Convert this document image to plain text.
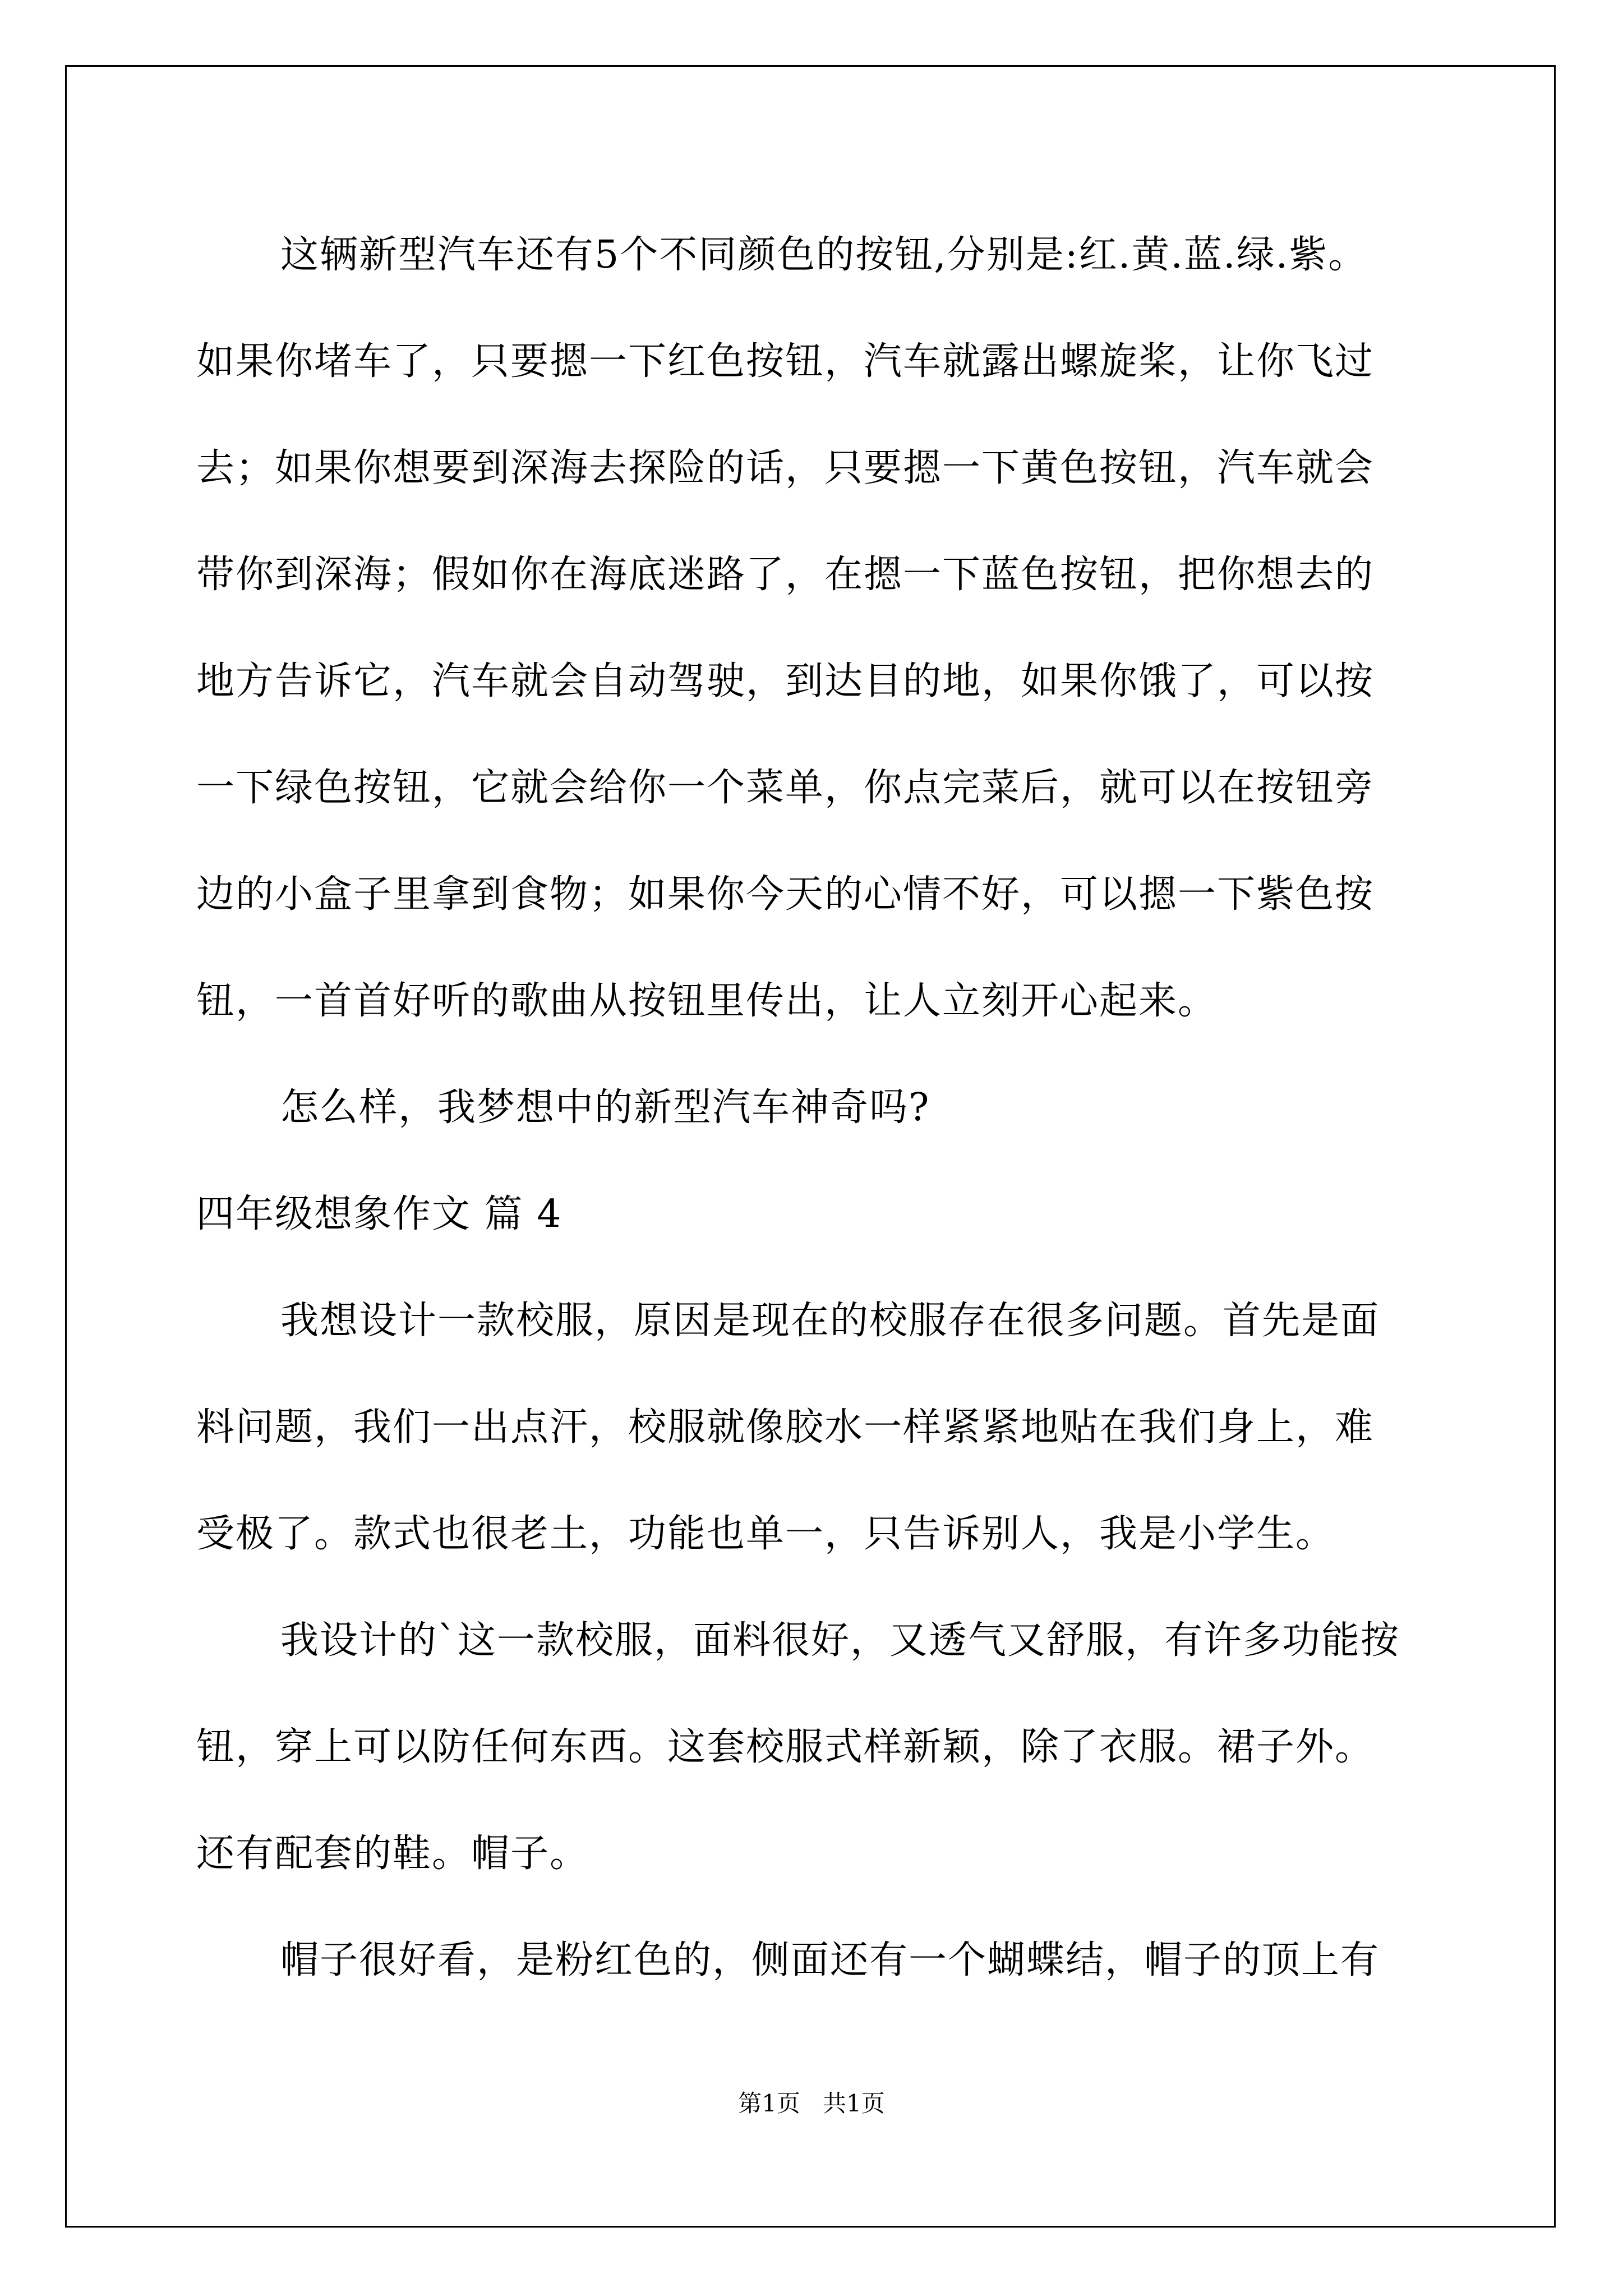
这辆新型汽车还有5个不同颜色的按钮,分别是:红.黄.蓝.绿.紫。
如果你堵车了，只要摁一下红色按钮，汽车就露出螺旋桨，让你飞过
去；如果你想要到深海去探险的话，只要摁一下黄色按钮，汽车就会
带你到深海；假如你在海底迷路了，在摁一下蓝色按钮，把你想去的
地方告诉它，汽车就会自动驾驶，到达目的地，如果你饿了，可以按
一下绿色按钮，它就会给你一个菜单，你点完菜后，就可以在按钮旁
边的小盒子里拿到食物；如果你今天的心情不好，可以摁一下紫色按
钮，一首首好听的歌曲从按钮里传出，让人立刻开心起来。
怎么样，我梦想中的新型汽车神奇吗?
四年级想象作文 篇 4
我想设计一款校服，原因是现在的校服存在很多问题。首先是面
料问题，我们一出点汗，校服就像胶水一样紧紧地贴在我们身上，难
受极了。款式也很老土，功能也单一，只告诉别人，我是小学生。
我设计的`这一款校服，面料很好，又透气又舒服，有许多功能按
钮，穿上可以防任何东西。这套校服式样新颖，除了衣服。裙子外。
还有配套的鞋。帽子。
帽子很好看，是粉红色的，侧面还有一个蝴蝶结，帽子的顶上有
第1页   共1页
